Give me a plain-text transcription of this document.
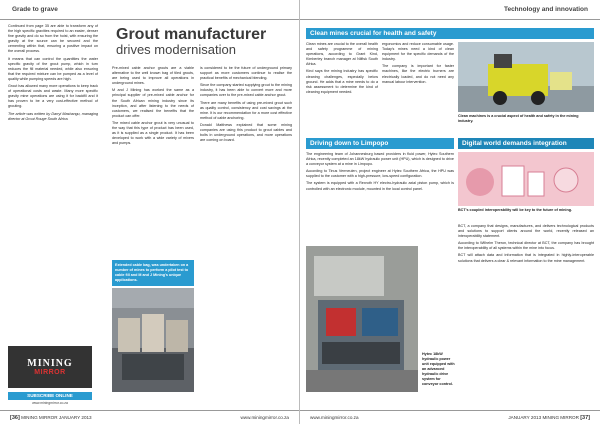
Grade to grave

Continued from page 35 are able to transform any of the high specific gravities required to an easier, denser fine gravity and do so from the hoist, with ensuring the gravity at the source can be secured and the cementing within that, ensuring a positive impact on the overall process.

It means that can control the quantities the water specific gravity of the grout pump, which in turn reduces the fill material needed, while also ensuring that the required mixture can be pumped as a level of quality while pumping speeds are high.

Grout has allowed many more operations to keep track of operational costs and waste. Many more specific gravity mine operations are using it for backfill and it has proven to be a very cost-effective method of grouting.

The article was written by Darryl Mashangu, managing director at Grout Rouge South Africa.

MINING
MIRROR
SUBSCRIBE ONLINE
www.miningmirror.co.za
Grout manufacturer
drives modernisation

Pre-mixed cable anchor grouts are a viable alternative to the well known bag of tiled grouts, are being used to improve all operations in underground mines.

M and J Mining has worked the same as a principal supplier of pre-mixed cable anchor for the South African mining industry since its inception, and after listening to the needs of customers, we realised the benefits that the product can offer.

The mixed cable anchor grout is very unusual to the way that this type of product has been used, as it is supplied as a single product. It has been developed to work with a wide variety of mixers and pumps.

is considered to be the future of underground primary support as more customers continue to realise the practical benefits of mechanical blending.

Since the company started supplying grout to the mining industry, it has been able to convert more and more companies over to the pre-mixed cable anchor grout.

There are many benefits of using pre-mixed grout such as quality control, consistency and cost savings at the mine. It is our recommendation for a more cost effective method of cable anchoring.

Donald Matthews explained that some mining companies are using this product to grout cables and bolts in underground operations, and more operations are coming on board.

Extended cable bag, was undertaken on a number of mines to perform a pilot test to cable fill and M and J Mining's unique applications.
[36] MINING MIRROR JANUARY 2013	www.miningmirror.co.za
Technology and innovation
Clean mines crucial for health and safety

Clean mines are crucial to the overall health and safety programme of mining operations, according to Grant Kind, Kimberley branch manager at Nilfisk South Africa.

Kind says the mining industry has specific cleaning challenges, especially below ground. He adds that a mine needs to do a risk assessment to determine the kind of cleaning equipment needed.

ergonomics and reduce consumable usage. Today's mines need a kind of clean equipment for the specific demands of the industry.

The company is important for faster machines, like the electric burners are electrically loaded, and do not need any manual labour intervention.

Clean machines is a crucial aspect of health and safety in the mining industry.
Driving down to Limpopo	Digital world demands integration

The engineering team of Johannesburg based providers in fluid power, Hytec Southern Africa, recently completed an 18kW hydraulic power unit (HPU), which is designed to drive a conveyor system at a mine in Limpopo.

According to Tinus Vermeulen, project engineer at Hytec Southern Africa, the HPU was supplied to the customer with a high-pressure, low-speed configuration.

The system is equipped with a Rexroth HY electro-hydraulic axial piston pump, which is controlled with an electronic module, mounted in the local control panel.

Hytec 18kW hydraulic power unit equipped with an advanced hydraulic drive system for conveyor control.
BCT's coupled interoperability will be key to the future of mining.

BCT, a company that designs, manufactures, and delivers technological products and solutions to support clients around the world, recently released an interoperability statement.

According to Wilhelm Theron, technical director at BCT, the company has brought the interoperability of all systems within the mine into focus.

BCT will attach data and information that is integrated in highly-interoperable solutions that delivers a clear & relevant information to the mine management.

www.miningmirror.co.za	JANUARY 2013 MINING MIRROR [37]
